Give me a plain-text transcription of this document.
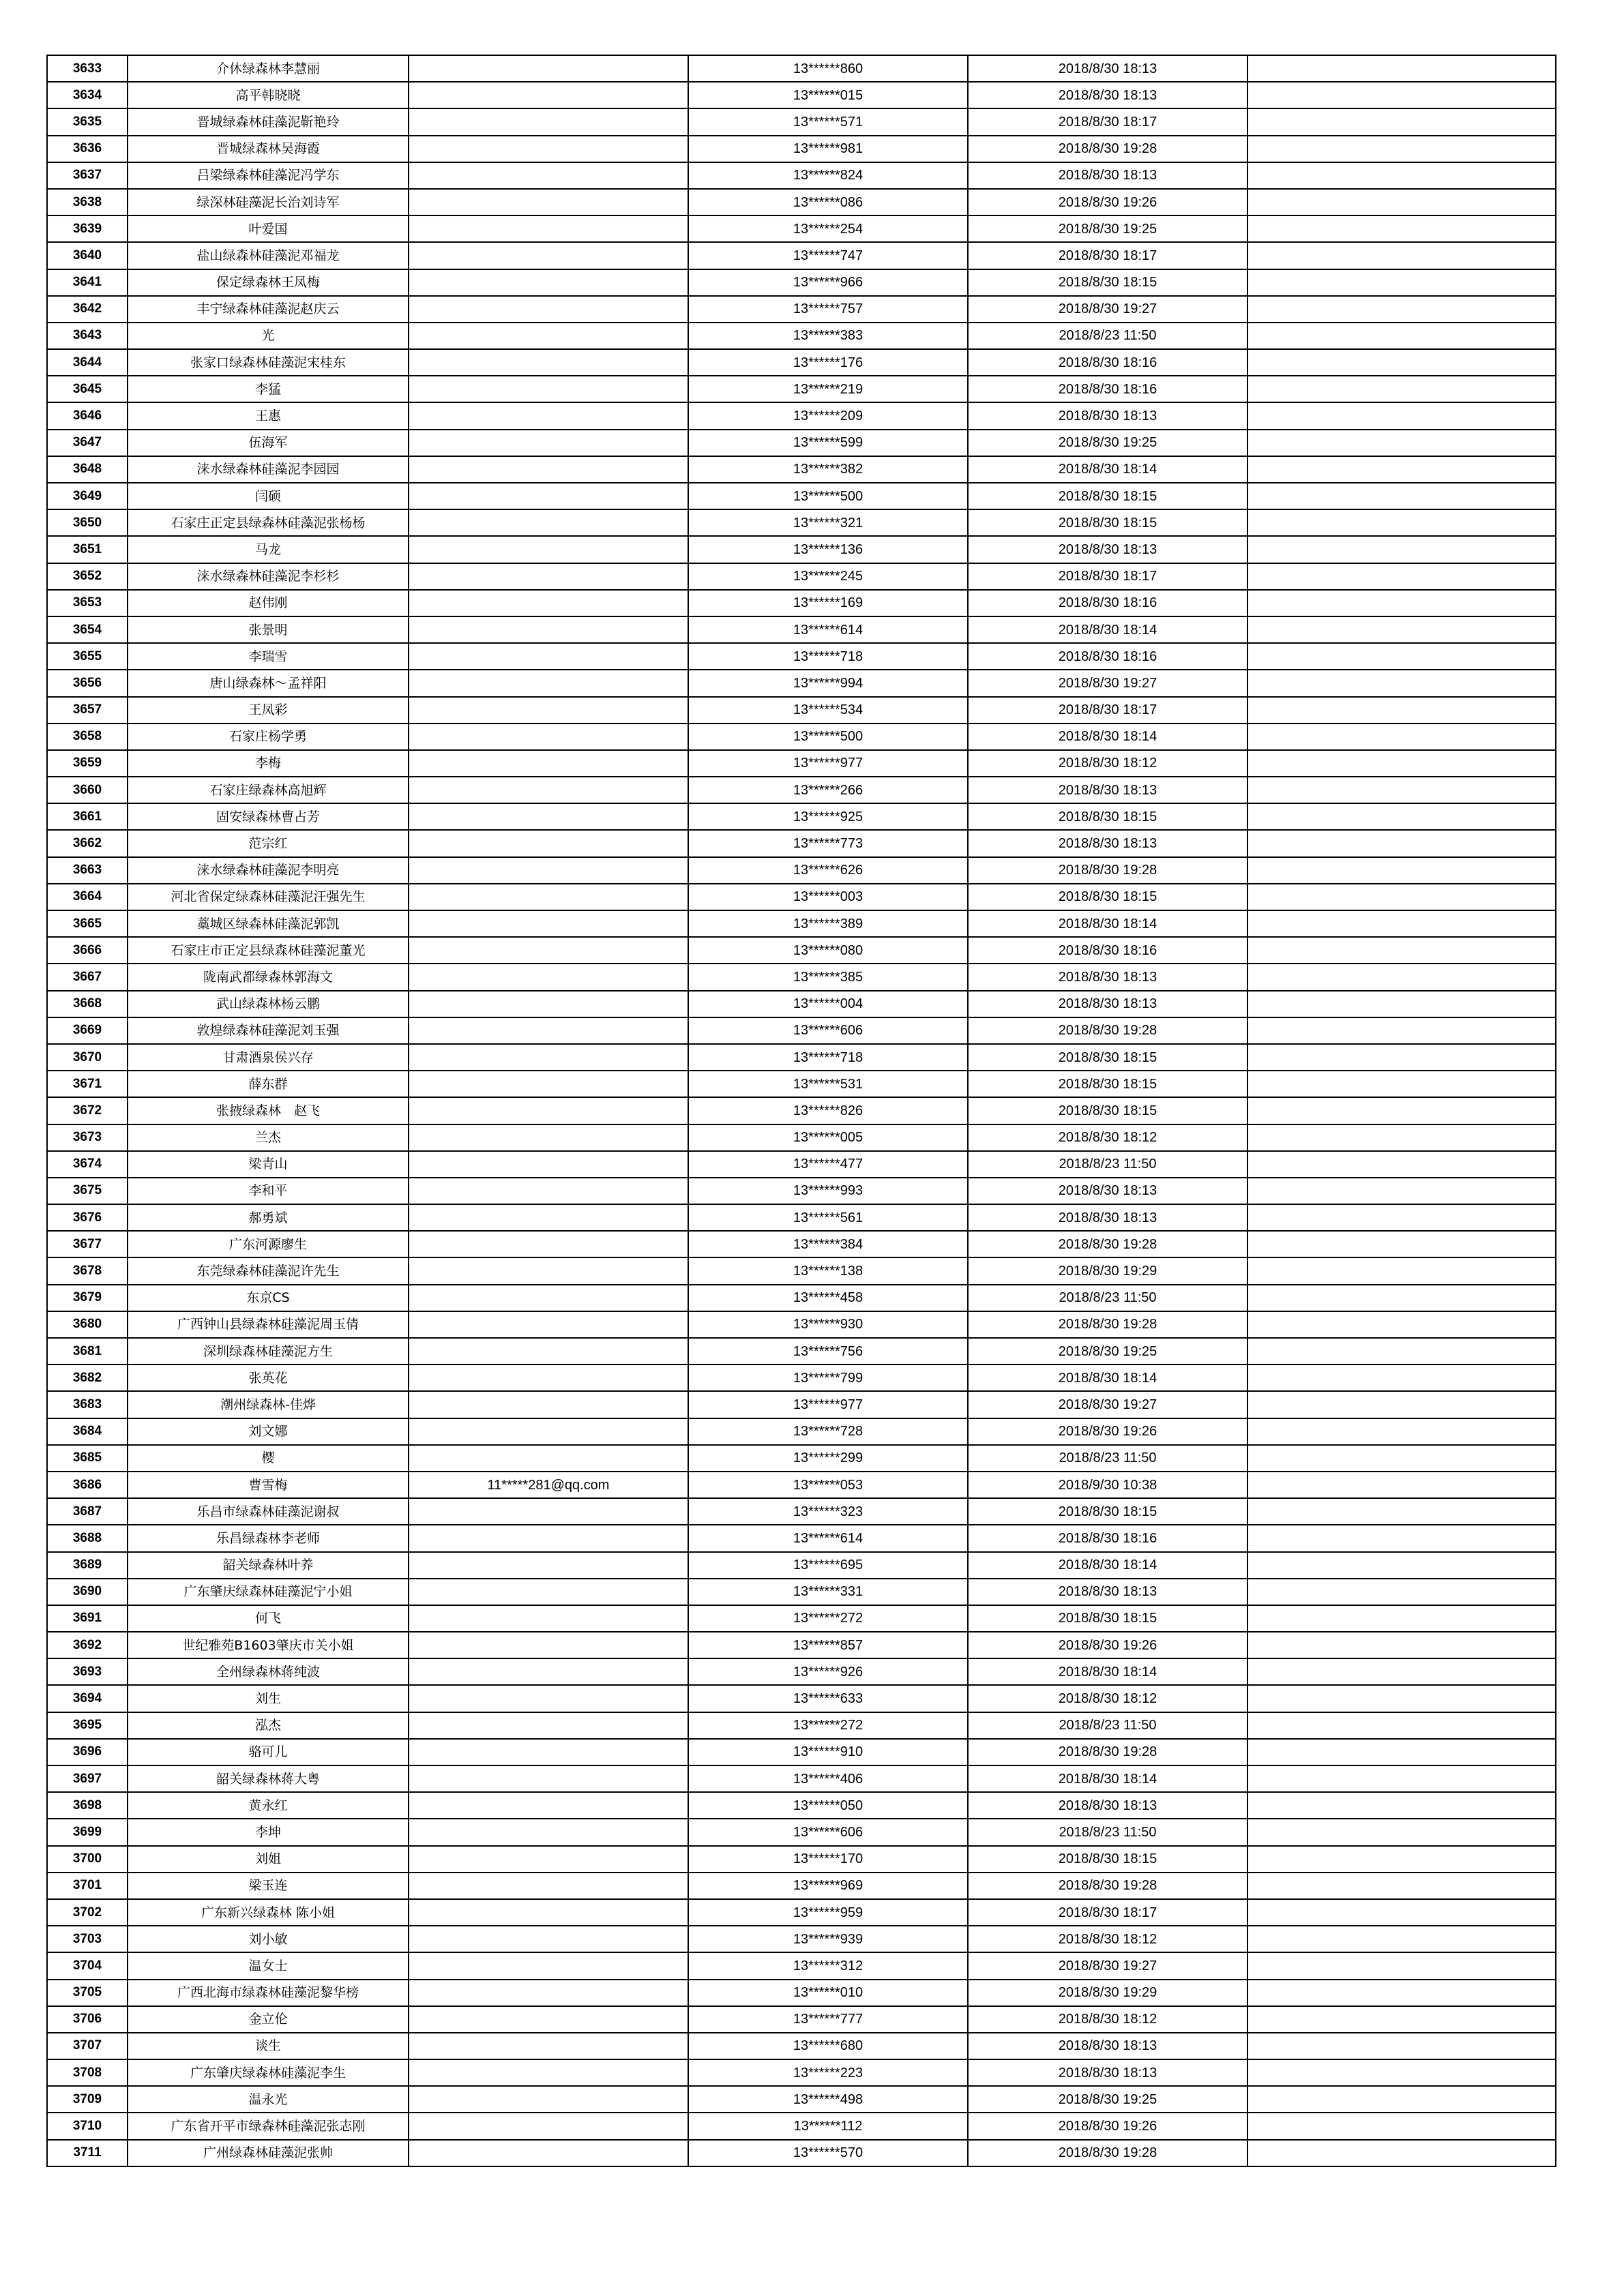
3633	介休绿森林李慧丽		13******860	2018/8/30 18:13	
3634	高平韩晓晓		13******015	2018/8/30 18:13	
3635	晋城绿森林硅藻泥靳艳玲		13******571	2018/8/30 18:17	
3636	晋城绿森林吴海霞		13******981	2018/8/30 19:28	
3637	吕梁绿森林硅藻泥冯学东		13******824	2018/8/30 18:13	
3638	绿深林硅藻泥长治刘诗军		13******086	2018/8/30 19:26	
3639	叶爱国		13******254	2018/8/30 19:25	
3640	盐山绿森林硅藻泥邓福龙		13******747	2018/8/30 18:17	
3641	保定绿森林王凤梅		13******966	2018/8/30 18:15	
3642	丰宁绿森林硅藻泥赵庆云		13******757	2018/8/30 19:27	
3643	光		13******383	2018/8/23 11:50	
3644	张家口绿森林硅藻泥宋桂东		13******176	2018/8/30 18:16	
3645	李猛		13******219	2018/8/30 18:16	
3646	王惠		13******209	2018/8/30 18:13	
3647	伍海军		13******599	2018/8/30 19:25	
3648	涞水绿森林硅藻泥李园园		13******382	2018/8/30 18:14	
3649	闫硕		13******500	2018/8/30 18:15	
3650	石家庄正定县绿森林硅藻泥张杨杨		13******321	2018/8/30 18:15	
3651	马龙		13******136	2018/8/30 18:13	
3652	涞水绿森林硅藻泥李杉杉		13******245	2018/8/30 18:17	
3653	赵伟刚		13******169	2018/8/30 18:16	
3654	张景明		13******614	2018/8/30 18:14	
3655	李瑞雪		13******718	2018/8/30 18:16	
3656	唐山绿森林～孟祥阳		13******994	2018/8/30 19:27	
3657	王凤彩		13******534	2018/8/30 18:17	
3658	石家庄杨学勇		13******500	2018/8/30 18:14	
3659	李梅		13******977	2018/8/30 18:12	
3660	石家庄绿森林高旭辉		13******266	2018/8/30 18:13	
3661	固安绿森林曹占芳		13******925	2018/8/30 18:15	
3662	范宗红		13******773	2018/8/30 18:13	
3663	涞水绿森林硅藻泥李明亮		13******626	2018/8/30 19:28	
3664	河北省保定绿森林硅藻泥汪强先生		13******003	2018/8/30 18:15	
3665	藁城区绿森林硅藻泥郭凯		13******389	2018/8/30 18:14	
3666	石家庄市正定县绿森林硅藻泥董光		13******080	2018/8/30 18:16	
3667	陇南武都绿森林郭海文		13******385	2018/8/30 18:13	
3668	武山绿森林杨云鹏		13******004	2018/8/30 18:13	
3669	敦煌绿森林硅藻泥刘玉强		13******606	2018/8/30 19:28	
3670	甘肃酒泉侯兴存		13******718	2018/8/30 18:15	
3671	薛东群		13******531	2018/8/30 18:15	
3672	张掖绿森林　赵飞		13******826	2018/8/30 18:15	
3673	兰杰		13******005	2018/8/30 18:12	
3674	梁青山		13******477	2018/8/23 11:50	
3675	李和平		13******993	2018/8/30 18:13	
3676	郝勇斌		13******561	2018/8/30 18:13	
3677	广东河源廖生		13******384	2018/8/30 19:28	
3678	东莞绿森林硅藻泥许先生		13******138	2018/8/30 19:29	
3679	东京CS		13******458	2018/8/23 11:50	
3680	广西钟山县绿森林硅藻泥周玉倩		13******930	2018/8/30 19:28	
3681	深圳绿森林硅藻泥方生		13******756	2018/8/30 19:25	
3682	张英花		13******799	2018/8/30 18:14	
3683	潮州绿森林-佳烨		13******977	2018/8/30 19:27	
3684	刘文娜		13******728	2018/8/30 19:26	
3685	樱		13******299	2018/8/23 11:50	
3686	曹雪梅	11*****281@qq.com	13******053	2018/9/30 10:38	
3687	乐昌市绿森林硅藻泥谢叔		13******323	2018/8/30 18:15	
3688	乐昌绿森林李老师		13******614	2018/8/30 18:16	
3689	韶关绿森林叶养		13******695	2018/8/30 18:14	
3690	广东肇庆绿森林硅藻泥宁小姐		13******331	2018/8/30 18:13	
3691	何飞		13******272	2018/8/30 18:15	
3692	世纪雅苑B1603肇庆市关小姐		13******857	2018/8/30 19:26	
3693	全州绿森林蒋纯波		13******926	2018/8/30 18:14	
3694	刘生		13******633	2018/8/30 18:12	
3695	泓杰		13******272	2018/8/23 11:50	
3696	骆可儿		13******910	2018/8/30 19:28	
3697	韶关绿森林蒋大粤		13******406	2018/8/30 18:14	
3698	黄永红		13******050	2018/8/30 18:13	
3699	李坤		13******606	2018/8/23 11:50	
3700	刘姐		13******170	2018/8/30 18:15	
3701	梁玉连		13******969	2018/8/30 19:28	
3702	广东新兴绿森林 陈小姐		13******959	2018/8/30 18:17	
3703	刘小敏		13******939	2018/8/30 18:12	
3704	温女士		13******312	2018/8/30 19:27	
3705	广西北海市绿森林硅藻泥黎华榜		13******010	2018/8/30 19:29	
3706	金立伦		13******777	2018/8/30 18:12	
3707	谈生		13******680	2018/8/30 18:13	
3708	广东肇庆绿森林硅藻泥李生		13******223	2018/8/30 18:13	
3709	温永光		13******498	2018/8/30 19:25	
3710	广东省开平市绿森林硅藻泥张志刚		13******112	2018/8/30 19:26	
3711	广州绿森林硅藻泥张帅		13******570	2018/8/30 19:28	
